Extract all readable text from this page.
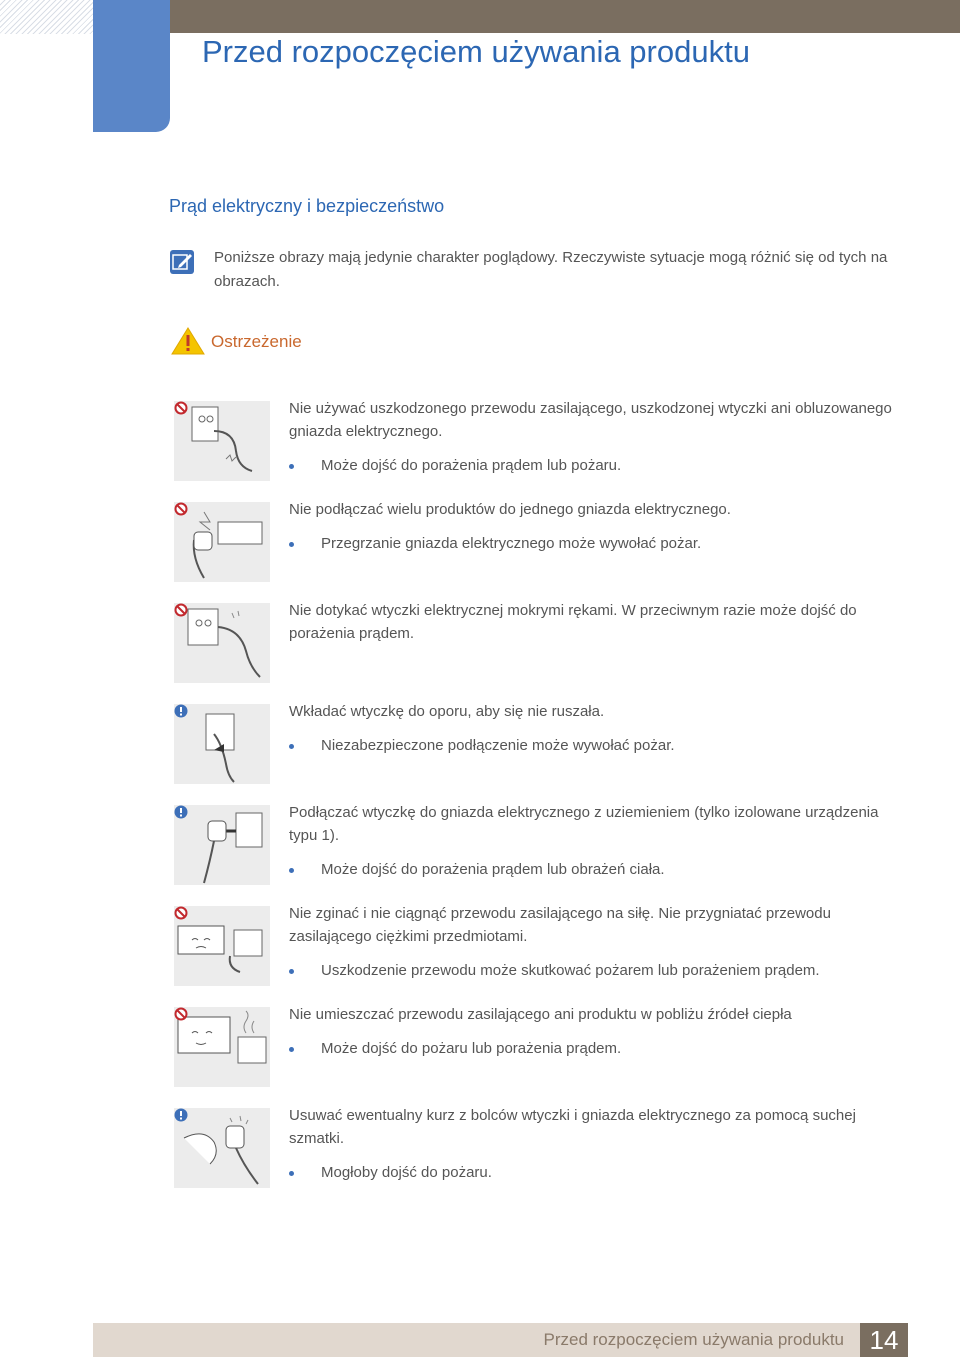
Przed rozpoczęciem używania produktu
Prąd elektryczny i bezpieczeństwo
Poniższe obrazy mają jedynie charakter poglądowy. Rzeczywiste sytuacje mogą różnić się od tych na obrazach.
Ostrzeżenie

Nie używać uszkodzonego przewodu zasilającego, uszkodzonej wtyczki ani obluzowanego gniazda elektrycznego.

Może dojść do porażenia prądem lub pożaru.

Nie podłączać wielu produktów do jednego gniazda elektrycznego.

Przegrzanie gniazda elektrycznego może wywołać pożar.

Nie dotykać wtyczki elektrycznej mokrymi rękami. W przeciwnym razie może dojść do porażenia prądem.

Wkładać wtyczkę do oporu, aby się nie ruszała.

Niezabezpieczone podłączenie może wywołać pożar.

Podłączać wtyczkę do gniazda elektrycznego z uziemieniem (tylko izolowane urządzenia typu 1).

Może dojść do porażenia prądem lub obrażeń ciała.

Nie zginać i nie ciągnąć przewodu zasilającego na siłę. Nie przygniatać przewodu zasilającego ciężkimi przedmiotami.

Uszkodzenie przewodu może skutkować pożarem lub porażeniem prądem.

Nie umieszczać przewodu zasilającego ani produktu w pobliżu źródeł ciepła

Może dojść do pożaru lub porażenia prądem.

Usuwać ewentualny kurz z bolców wtyczki i gniazda elektrycznego za pomocą suchej szmatki.

Mogłoby dojść do pożaru.
Przed rozpoczęciem używania produktu 14
